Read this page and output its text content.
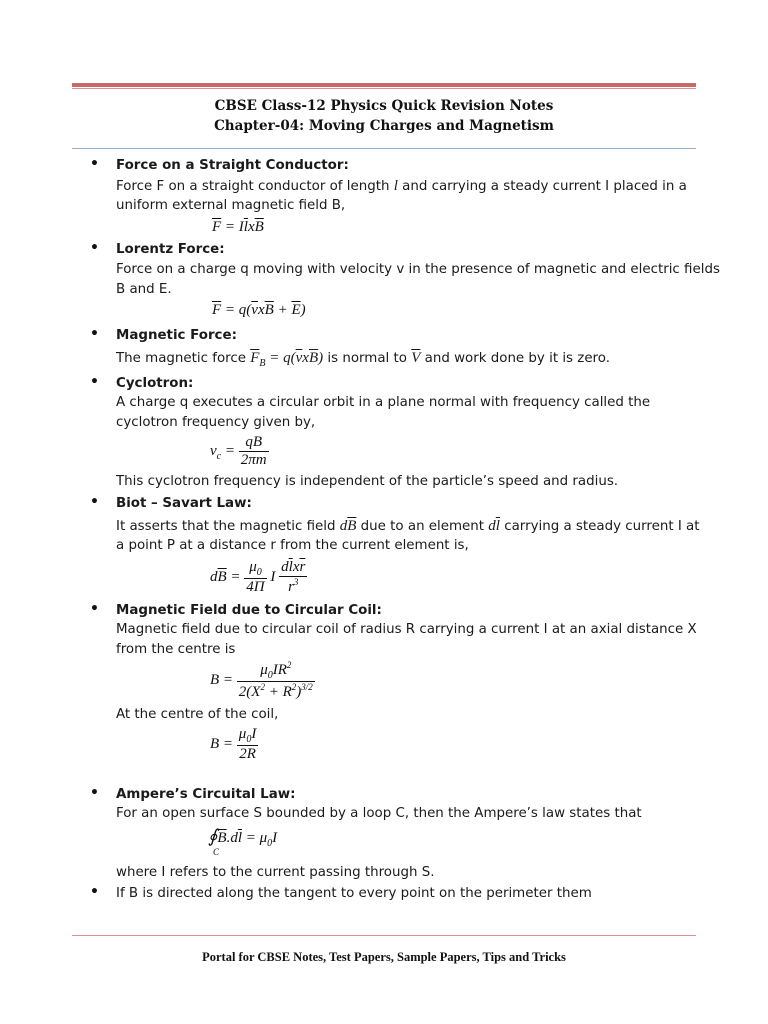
CBSE Class-12 Physics Quick Revision Notes
Chapter-04: Moving Charges and Magnetism
• Force on a Straight Conductor:
Force F on a straight conductor of length l and carrying a steady current I placed in a
uniform external magnetic field B,
$\overline{F} = I\overline{l}x\overline{B}$
• Lorentz Force:
Force on a charge q moving with velocity v in the presence of magnetic and electric fields
B and E.
$\overline{F} = q(\overline{v}x\overline{B} + \overline{E})$
• Magnetic Force:
The magnetic force $\overline{F}_B = q(\overline{v}x\overline{B})$ is normal to $\overline{V}$ and work done by it is zero.
• Cyclotron:
A charge q executes a circular orbit in a plane normal with frequency called the
cyclotron frequency given by,
$v_c = \frac{qB}{2\pi m}$
This cyclotron frequency is independent of the particle’s speed and radius.
• Biot – Savart Law:
It asserts that the magnetic field $d\overline{B}$ due to an element $d\overline{l}$ carrying a steady current I at
a point P at a distance r from the current element is,
$d\overline{B} = \frac{\mu_0}{4\Pi}$ I $\frac{d\overline{l}x\overline{r}}{r^3}$
• Magnetic Field due to Circular Coil:
Magnetic field due to circular coil of radius R carrying a current I at an axial distance X
from the centre is
$B = \frac{\mu_0IR^2}{2(X^2 + R^2)^{3/2}}$
At the centre of the coil,
$B = \frac{\mu_0I}{2R}$
• Ampere’s Circuital Law:
For an open surface S bounded by a loop C, then the Ampere’s law states that
$∮\overline{B}.d\overline{l} = \mu_0I$
C
where I refers to the current passing through S.
• If B is directed along the tangent to every point on the perimeter them
Portal for CBSE Notes, Test Papers, Sample Papers, Tips and Tricks
